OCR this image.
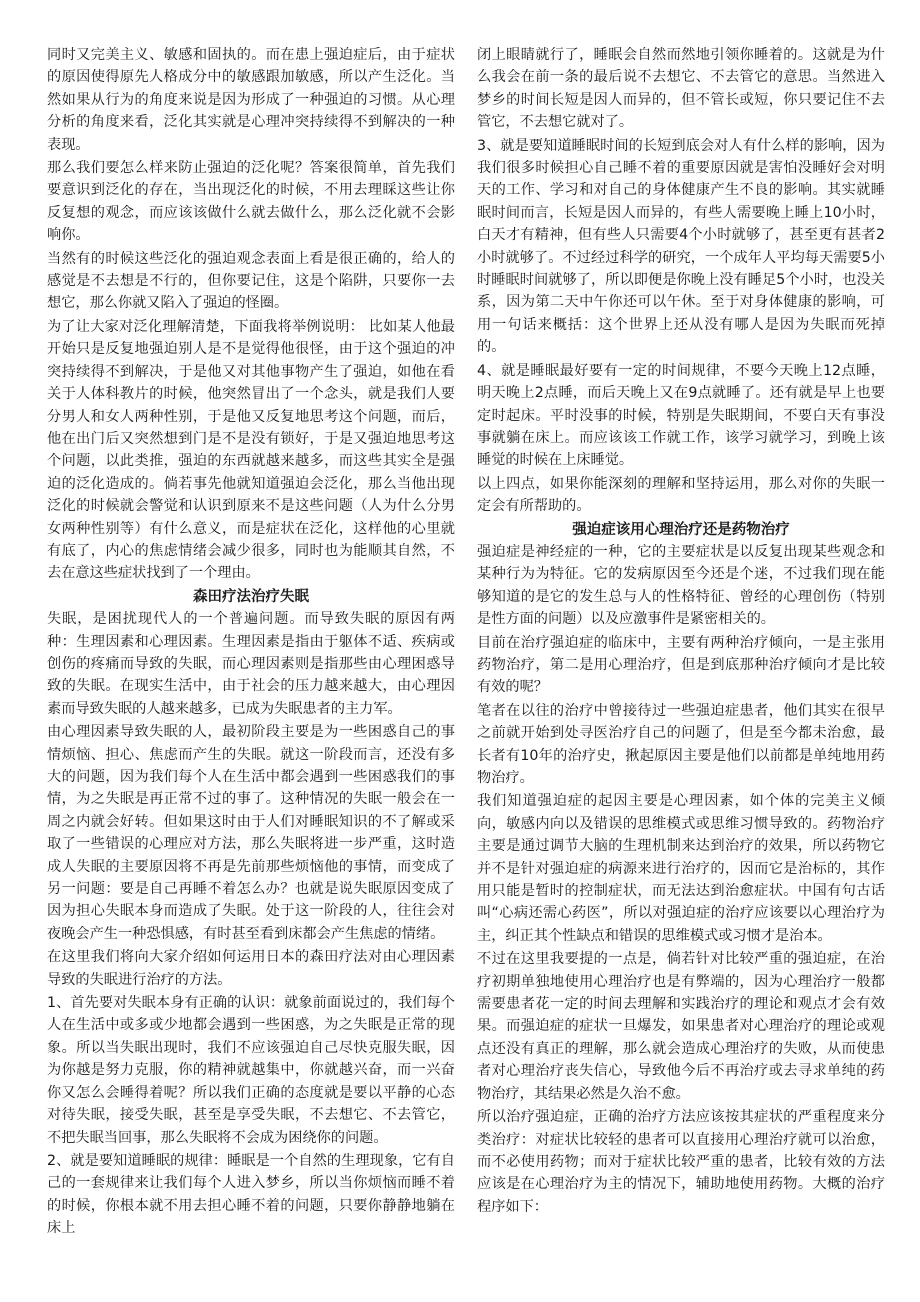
同时又完美主义、敏感和固执的。而在患上强迫症后，由于症状的原因使得原先人格成分中的敏感跟加敏感，所以产生泛化。当然如果从行为的角度来说是因为形成了一种强迫的习惯。从心理分析的角度来看，泛化其实就是心理冲突持续得不到解决的一种表现。

那么我们要怎么样来防止强迫的泛化呢？答案很简单，首先我们要意识到泛化的存在，当出现泛化的时候，不用去理睬这些让你反复想的观念，而应该该做什么就去做什么，那么泛化就不会影响你。

当然有的时候这些泛化的强迫观念表面上看是很正确的，给人的感觉是不去想是不行的，但你要记住，这是个陷阱，只要你一去想它，那么你就又陷入了强迫的怪圈。

为了让大家对泛化理解清楚，下面我将举例说明： 比如某人他最开始只是反复地强迫别人是不是觉得他很怪，由于这个强迫的冲突持续得不到解决，于是他又对其他事物产生了强迫，如他在看关于人体科教片的时候，他突然冒出了一个念头，就是我们人要分男人和女人两种性别，于是他又反复地思考这个问题，而后，他在出门后又突然想到门是不是没有锁好，于是又强迫地思考这个问题，以此类推，强迫的东西就越来越多，而这些其实全是强迫的泛化造成的。倘若事先他就知道强迫会泛化，那么当他出现泛化的时候就会警觉和认识到原来不是这些问题（人为什么分男女两种性别等）有什么意义，而是症状在泛化，这样他的心里就有底了，内心的焦虑情绪会减少很多，同时也为能顺其自然，不去在意这些症状找到了一个理由。

森田疗法治疗失眠

失眠，是困扰现代人的一个普遍问题。而导致失眠的原因有两种：生理因素和心理因素。生理因素是指由于躯体不适、疾病或创伤的疼痛而导致的失眠，而心理因素则是指那些由心理困惑导致的失眠。在现实生活中，由于社会的压力越来越大，由心理因素而导致失眠的人越来越多，已成为失眠患者的主力军。

由心理因素导致失眠的人，最初阶段主要是为一些困惑自己的事情烦恼、担心、焦虑而产生的失眠。就这一阶段而言，还没有多大的问题，因为我们每个人在生活中都会遇到一些困惑我们的事情，为之失眠是再正常不过的事了。这种情况的失眠一般会在一周之内就会好转。但如果这时由于人们对睡眠知识的不了解或采取了一些错误的心理应对方法，那么失眠将进一步严重，这时造成人失眠的主要原因将不再是先前那些烦恼他的事情，而变成了另一问题：要是自己再睡不着怎么办？也就是说失眠原因变成了因为担心失眠本身而造成了失眠。处于这一阶段的人，往往会对夜晚会产生一种恐惧感，有时甚至看到床都会产生焦虑的情绪。

在这里我们将向大家介绍如何运用日本的森田疗法对由心理因素导致的失眠进行治疗的方法。

1、首先要对失眠本身有正确的认识：就象前面说过的，我们每个人在生活中或多或少地都会遇到一些困惑，为之失眠是正常的现象。所以当失眠出现时，我们不应该强迫自己尽快克服失眠，因为你越是努力克服，你的精神就越集中，你就越兴奋，而一兴奋你又怎么会睡得着呢？所以我们正确的态度就是要以平静的心态对待失眠，接受失眠，甚至是享受失眠，不去想它、不去管它，不把失眠当回事，那么失眠将不会成为困绕你的问题。

2、就是要知道睡眠的规律：睡眠是一个自然的生理现象，它有自己的一套规律来让我们每个人进入梦乡，所以当你烦恼而睡不着的时候，你根本就不用去担心睡不着的问题，只要你静静地躺在床上

闭上眼睛就行了，睡眠会自然而然地引领你睡着的。这就是为什么我会在前一条的最后说不去想它、不去管它的意思。当然进入梦乡的时间长短是因人而异的，但不管长或短，你只要记住不去管它，不去想它就对了。

3、就是要知道睡眠时间的长短到底会对人有什么样的影响，因为我们很多时候担心自己睡不着的重要原因就是害怕没睡好会对明天的工作、学习和对自己的身体健康产生不良的影响。其实就睡眠时间而言，长短是因人而异的，有些人需要晚上睡上10小时，白天才有精神，但有些人只需要4个小时就够了，甚至更有甚者2小时就够了。不过经过科学的研究，一个成年人平均每天需要5小时睡眠时间就够了，所以即便是你晚上没有睡足5个小时，也没关系，因为第二天中午你还可以午休。至于对身体健康的影响，可用一句话来概括：这个世界上还从没有哪人是因为失眠而死掉的。

4、就是睡眠最好要有一定的时间规律，不要今天晚上12点睡，明天晚上2点睡，而后天晚上又在9点就睡了。还有就是早上也要定时起床。平时没事的时候，特别是失眠期间，不要白天有事没事就躺在床上。而应该该工作就工作，该学习就学习，到晚上该睡觉的时候在上床睡觉。

以上四点，如果你能深刻的理解和坚持运用，那么对你的失眠一定会有所帮助的。

强迫症该用心理治疗还是药物治疗

强迫症是神经症的一种，它的主要症状是以反复出现某些观念和某种行为为特征。它的发病原因至今还是个迷，不过我们现在能够知道的是它的发生总与人的性格特征、曾经的心理创伤（特别是性方面的问题）以及应激事件是紧密相关的。

目前在治疗强迫症的临床中，主要有两种治疗倾向，一是主张用药物治疗，第二是用心理治疗，但是到底那种治疗倾向才是比较有效的呢？

笔者在以往的治疗中曾接待过一些强迫症患者，他们其实在很早之前就开始到处寻医治疗自己的问题了，但是至今都未治愈，最长者有10年的治疗史，揪起原因主要是他们以前都是单纯地用药物治疗。

我们知道强迫症的起因主要是心理因素，如个体的完美主义倾向，敏感内向以及错误的思维模式或思维习惯导致的。药物治疗主要是通过调节大脑的生理机制来达到治疗的效果，所以药物它并不是针对强迫症的病源来进行治疗的，因而它是治标的，其作用只能是暂时的控制症状，而无法达到治愈症状。中国有句古话叫“心病还需心药医”，所以对强迫症的治疗应该要以心理治疗为主，纠正其个性缺点和错误的思维模式或习惯才是治本。

不过在这里我要提的一点是，倘若针对比较严重的强迫症，在治疗初期单独地使用心理治疗也是有弊端的，因为心理治疗一般都需要患者花一定的时间去理解和实践治疗的理论和观点才会有效果。而强迫症的症状一旦爆发，如果患者对心理治疗的理论或观点还没有真正的理解，那么就会造成心理治疗的失败，从而使患者对心理治疗丧失信心，导致他今后不再治疗或去寻求单纯的药物治疗，其结果必然是久治不愈。

所以治疗强迫症，正确的治疗方法应该按其症状的严重程度来分类治疗：对症状比较轻的患者可以直接用心理治疗就可以治愈，而不必使用药物；而对于症状比较严重的患者，比较有效的方法应该是在心理治疗为主的情况下，辅助地使用药物。大概的治疗程序如下：
